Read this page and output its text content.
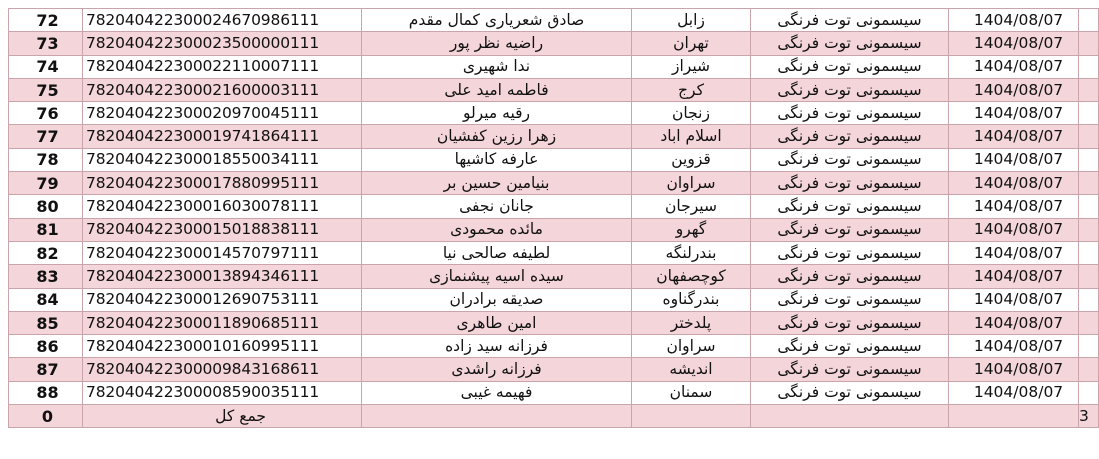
72	782040422300024670986111	صادق شعرياری کمال مقدم	زابل	سیسمونی توت فرنگی	1404/08/07	
73	782040422300023500000111	راضیه نظر پور	تهران	سیسمونی توت فرنگی	1404/08/07	
74	782040422300022110007111	ندا شهیری	شیراز	سیسمونی توت فرنگی	1404/08/07	
75	782040422300021600003111	فاطمه امید علی	کرج	سیسمونی توت فرنگی	1404/08/07	
76	782040422300020970045111	رقیه میرلو	زنجان	سیسمونی توت فرنگی	1404/08/07	
77	782040422300019741864111	زهرا رزین کفشیان	اسلام اباد	سیسمونی توت فرنگی	1404/08/07	
78	782040422300018550034111	عارفه کاشیها	قزوین	سیسمونی توت فرنگی	1404/08/07	
79	782040422300017880995111	بنیامین حسین بر	سراوان	سیسمونی توت فرنگی	1404/08/07	
80	782040422300016030078111	جانان نجفی	سیرجان	سیسمونی توت فرنگی	1404/08/07	
81	782040422300015018838111	مائده محمودی	گهرو	سیسمونی توت فرنگی	1404/08/07	
82	782040422300014570797111	لطیفه صالحی نیا	بندرلنگه	سیسمونی توت فرنگی	1404/08/07	
83	782040422300013894346111	سیده اسیه پیشنمازی	کوچصفهان	سیسمونی توت فرنگی	1404/08/07	
84	782040422300012690753111	صدیقه برادران	بندرگناوه	سیسمونی توت فرنگی	1404/08/07	
85	782040422300011890685111	امین طاهری	پلدختر	سیسمونی توت فرنگی	1404/08/07	
86	782040422300010160995111	فرزانه سید زاده	سراوان	سیسمونی توت فرنگی	1404/08/07	
87	782040422300009843168611	فرزانه راشدی	اندیشه	سیسمونی توت فرنگی	1404/08/07	
88	782040422300008590035111	فهیمه غیبی	سمنان	سیسمونی توت فرنگی	1404/08/07	
0	جمع کل					3
